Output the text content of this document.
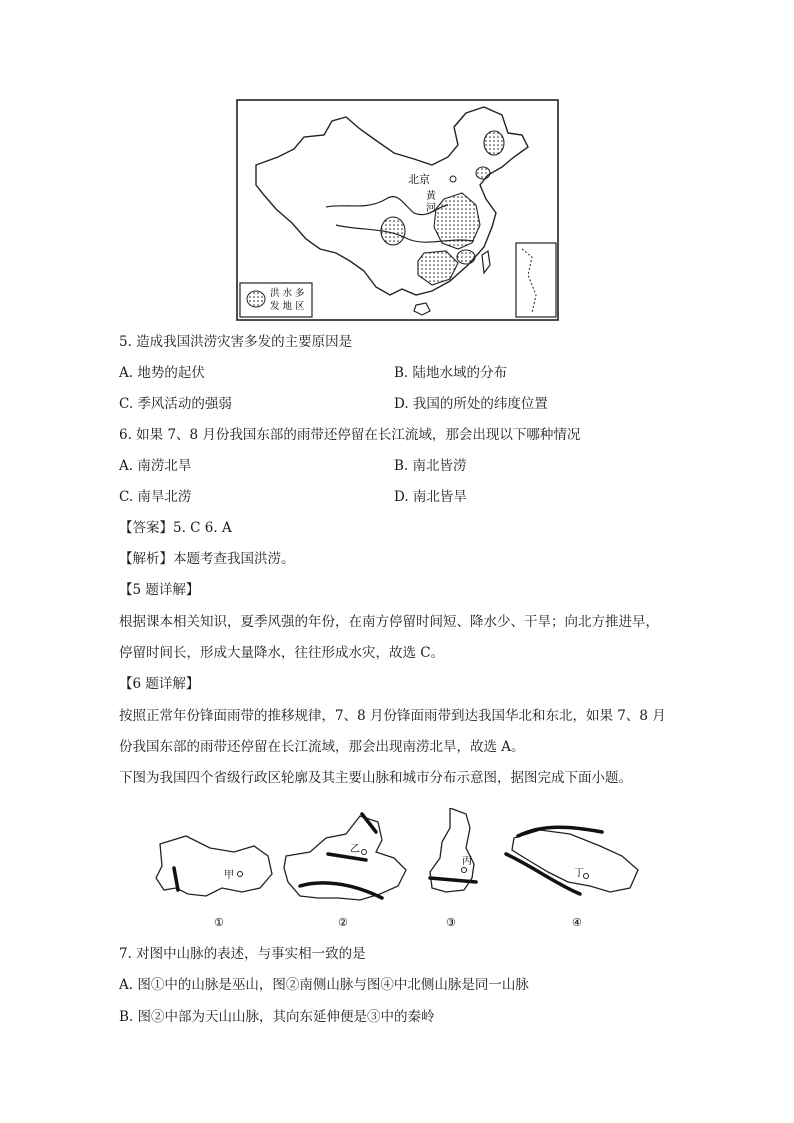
北京
黄
河
洪 水 多
发 地 区
5. 造成我国洪涝灾害多发的主要原因是
A. 地势的起伏	B. 陆地水域的分布
C. 季风活动的强弱	D. 我国的所处的纬度位置
6. 如果 7、8 月份我国东部的雨带还停留在长江流域，那会出现以下哪种情况
A. 南涝北旱	B. 南北皆涝
C. 南旱北涝	D. 南北皆旱
【答案】5. C 6. A
【解析】本题考查我国洪涝。
【5 题详解】
根据课本相关知识，夏季风强的年份，在南方停留时间短、降水少、干旱；向北方推进早，
停留时间长，形成大量降水，往往形成水灾，故选 C。
【6 题详解】
按照正常年份锋面雨带的推移规律，7、8 月份锋面雨带到达我国华北和东北，如果 7、8 月
份我国东部的雨带还停留在长江流域，那会出现南涝北旱，故选 A。
下图为我国四个省级行政区轮廓及其主要山脉和城市分布示意图，据图完成下面小题。
甲
①
乙
②
丙
③
丁
④
7. 对图中山脉的表述，与事实相一致的是
A. 图①中的山脉是巫山，图②南侧山脉与图④中北侧山脉是同一山脉
B. 图②中部为天山山脉，其向东延伸便是③中的秦岭
